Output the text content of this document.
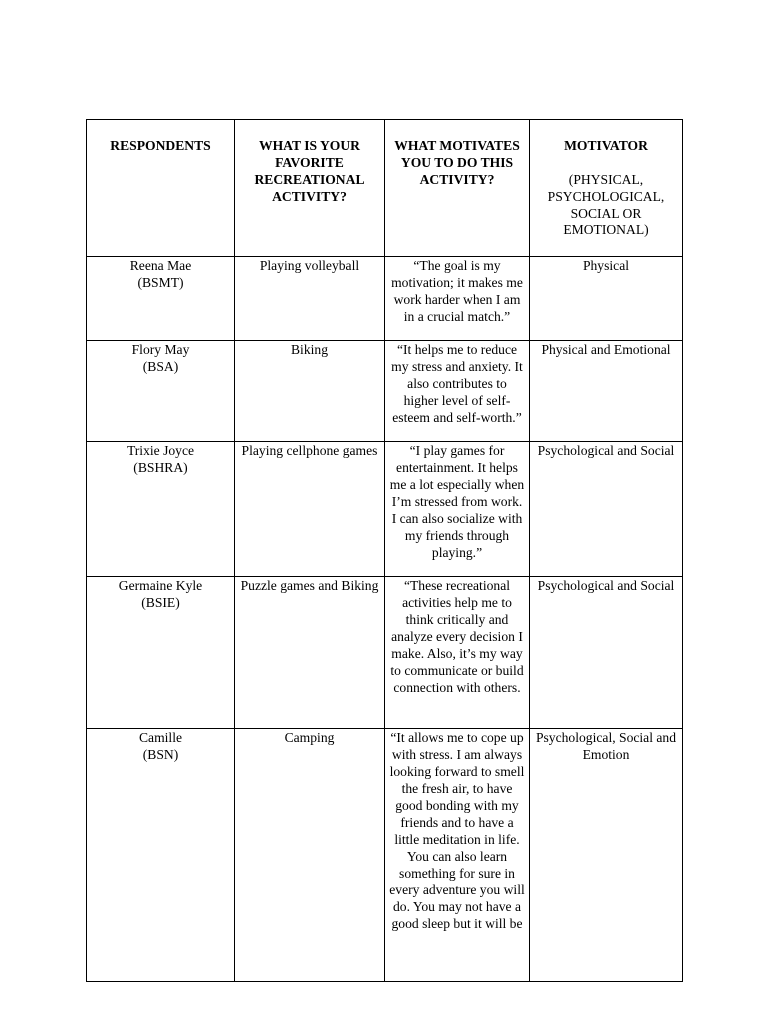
RESPONDENTS	WHAT IS YOUR FAVORITE RECREATIONAL ACTIVITY?	WHAT MOTIVATES YOU TO DO THIS ACTIVITY?	MOTIVATOR

(PHYSICAL, PSYCHOLOGICAL, SOCIAL OR EMOTIONAL)

Reena Mae
(BSMT)	Playing volleyball	“The goal is my motivation; it makes me work harder when I am in a crucial match.”	Physical
Flory May
(BSA)	Biking	“It helps me to reduce my stress and anxiety. It also contributes to higher level of self-esteem and self-worth.”	Physical and Emotional
Trixie Joyce
(BSHRA)	Playing cellphone games	“I play games for entertainment. It helps me a lot especially when I’m stressed from work. I can also socialize with my friends through playing.”	Psychological and Social
Germaine Kyle
(BSIE)	Puzzle games and Biking	“These recreational activities help me to think critically and analyze every decision I make. Also, it’s my way to communicate or build connection with others.	Psychological and Social
Camille
(BSN)	Camping	“It allows me to cope up with stress. I am always looking forward to smell the fresh air, to have good bonding with my friends and to have a little meditation in life. You can also learn something for sure in every adventure you will do. You may not have a good sleep but it will be	Psychological, Social and Emotion
